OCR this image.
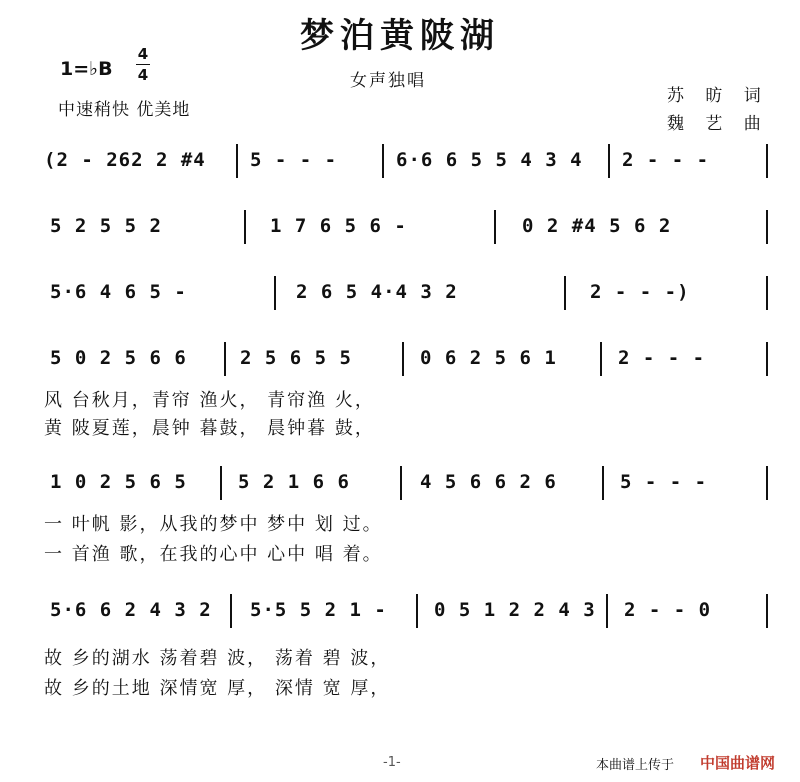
梦泊黄陂湖
女声独唱
1=♭B
4
4
中速稍快 优美地
苏 昉 词
魏 艺 曲
(2 - 262 2 #4 5 - - -	6·6 6 5 5 4 3 4 2 - - -
5 2 5 5 2	1 7 6 5 6 -	0 2 #4 5 6 2
5·6 4 6 5 -	2 6 5 4·4 3 2	2 - - -)
5 0 2 5 6 6	2 5 6 5 5	0 6 2 5 6 1	2 - - -
风 台秋月，青帘 渔火， 青帘渔 火，
黄 陂夏莲，晨钟 暮鼓， 晨钟暮 鼓，
1 0 2 5 6 5	5 2 1 6 6	4 5 6 6 2 6	5 - - -
一 叶帆 影，从我的梦中 梦中 划 过。
一 首渔 歌，在我的心中 心中 唱 着。
5·6 6 2 4 3 2 5·5 5 2 1 - 0 5 1 2 2 4 3 2 - - 0
故 乡的湖水 荡着碧 波， 荡着 碧 波，
故 乡的土地 深情宽 厚， 深情 宽 厚，
-1-	本曲谱上传于 中国曲谱网
